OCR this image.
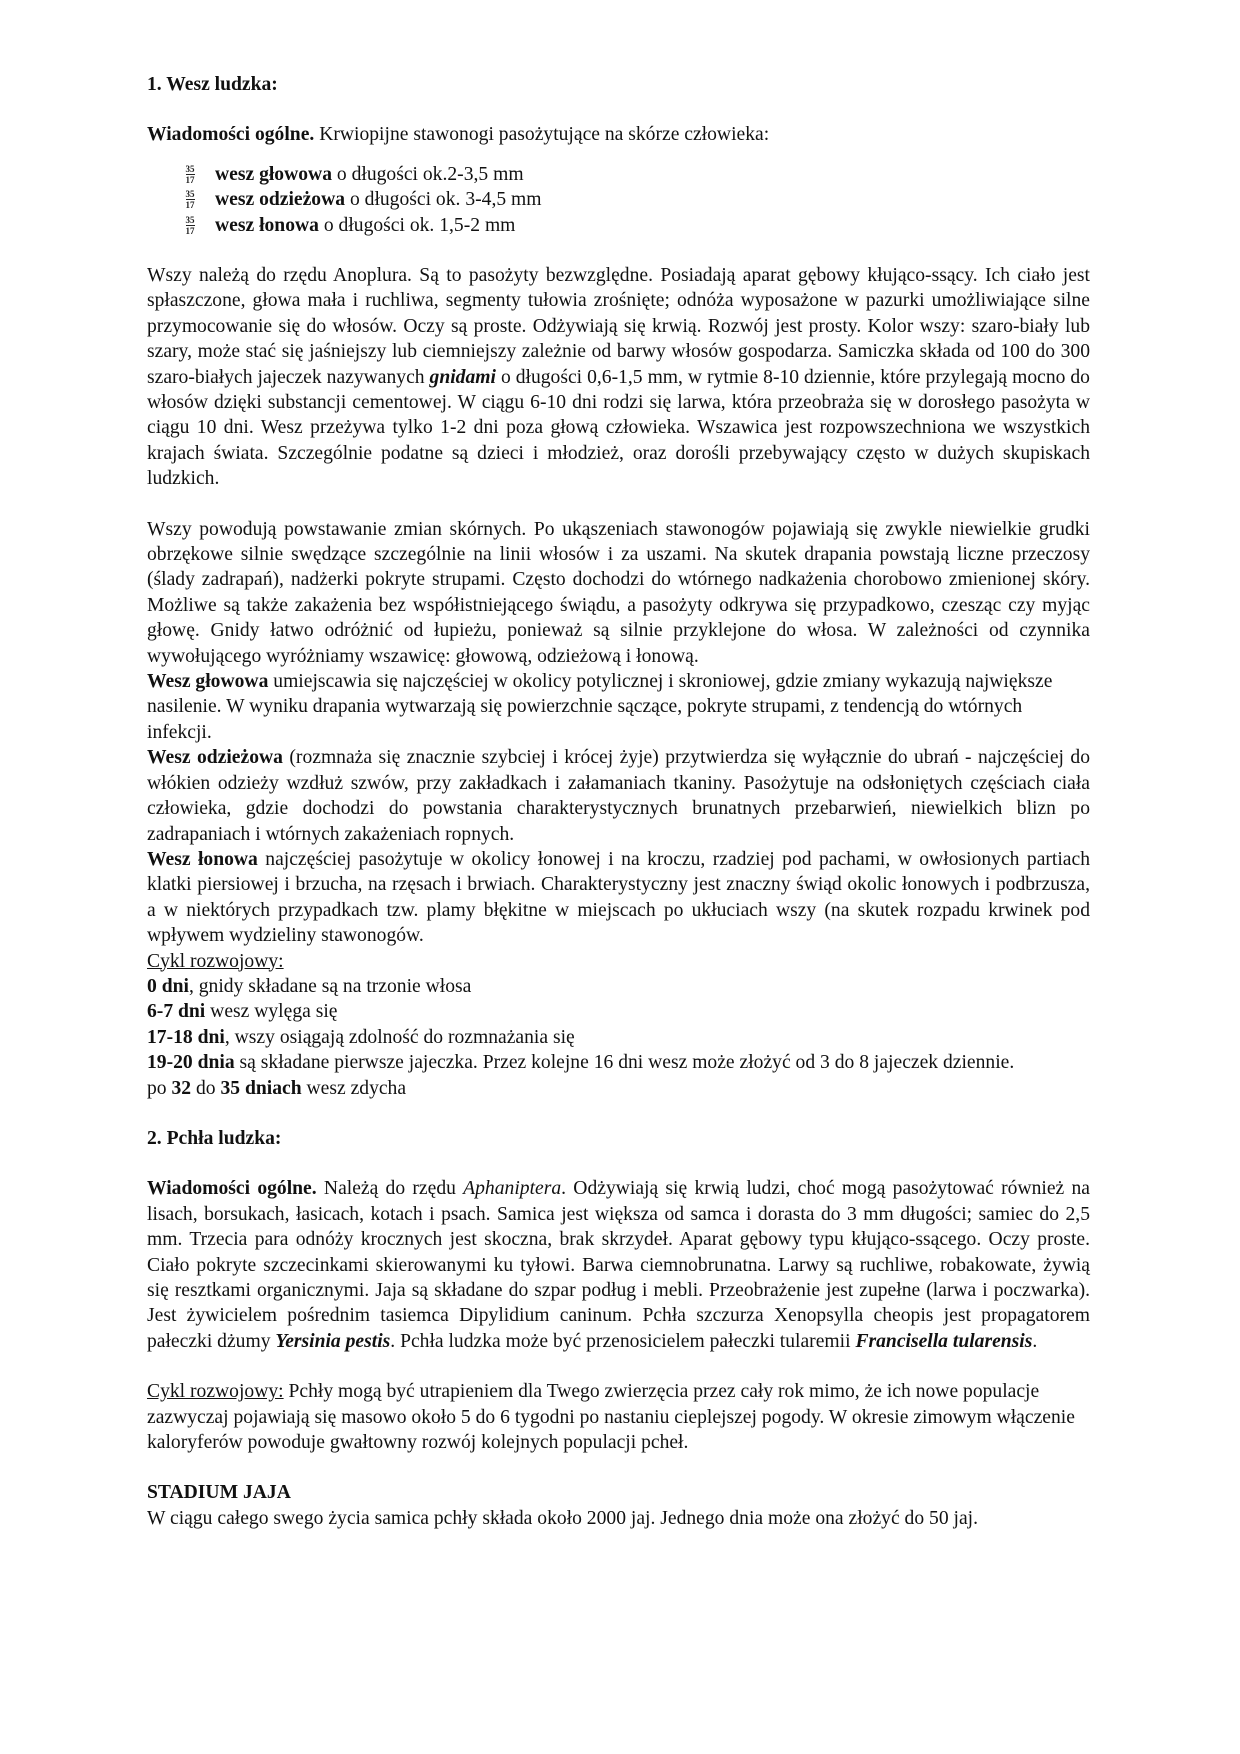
1. Wesz ludzka:

Wiadomości ogólne. Krwiopijne stawonogi pasożytujące na skórze człowieka:

35
17 wesz głowowa o długości ok.2-3,5 mm
35
17 wesz odzieżowa o długości ok. 3-4,5 mm
35
17 wesz łonowa o długości ok. 1,5-2 mm

Wszy należą do rzędu Anoplura. Są to pasożyty bezwzględne. Posiadają aparat gębowy kłująco-ssący. Ich ciało jest spłaszczone, głowa mała i ruchliwa, segmenty tułowia zrośnięte; odnóża wyposażone w pazurki umożliwiające silne przymocowanie się do włosów. Oczy są proste. Odżywiają się krwią. Rozwój jest prosty. Kolor wszy: szaro-biały lub szary, może stać się jaśniejszy lub ciemniejszy zależnie od barwy włosów gospodarza. Samiczka składa od 100 do 300 szaro-białych jajeczek nazywanych gnidami o długości 0,6-1,5 mm, w rytmie 8-10 dziennie, które przylegają mocno do włosów dzięki substancji cementowej. W ciągu 6-10 dni rodzi się larwa, która przeobraża się w dorosłego pasożyta w ciągu 10 dni. Wesz przeżywa tylko 1-2 dni poza głową człowieka. Wszawica jest rozpowszechniona we wszystkich krajach świata. Szczególnie podatne są dzieci i młodzież, oraz dorośli przebywający często w dużych skupiskach ludzkich.

Wszy powodują powstawanie zmian skórnych. Po ukąszeniach stawonogów pojawiają się zwykle niewielkie grudki obrzękowe silnie swędzące szczególnie na linii włosów i za uszami. Na skutek drapania powstają liczne przeczosy (ślady zadrapań), nadżerki pokryte strupami. Często dochodzi do wtórnego nadkażenia chorobowo zmienionej skóry. Możliwe są także zakażenia bez współistniejącego świądu, a pasożyty odkrywa się przypadkowo, czesząc czy myjąc głowę. Gnidy łatwo odróżnić od łupieżu, ponieważ są silnie przyklejone do włosa. W zależności od czynnika wywołującego wyróżniamy wszawicę: głowową, odzieżową i łonową.

Wesz głowowa umiejscawia się najczęściej w okolicy potylicznej i skroniowej, gdzie zmiany wykazują największe nasilenie. W wyniku drapania wytwarzają się powierzchnie sączące, pokryte strupami, z tendencją do wtórnych infekcji.

Wesz odzieżowa (rozmnaża się znacznie szybciej i krócej żyje) przytwierdza się wyłącznie do ubrań - najczęściej do włókien odzieży wzdłuż szwów, przy zakładkach i załamaniach tkaniny. Pasożytuje na odsłoniętych częściach ciała człowieka, gdzie dochodzi do powstania charakterystycznych brunatnych przebarwień, niewielkich blizn po zadrapaniach i wtórnych zakażeniach ropnych.

Wesz łonowa najczęściej pasożytuje w okolicy łonowej i na kroczu, rzadziej pod pachami, w owłosionych partiach klatki piersiowej i brzucha, na rzęsach i brwiach. Charakterystyczny jest znaczny świąd okolic łonowych i podbrzusza, a w niektórych przypadkach tzw. plamy błękitne w miejscach po ukłuciach wszy (na skutek rozpadu krwinek pod wpływem wydzieliny stawonogów.

Cykl rozwojowy:

0 dni, gnidy składane są na trzonie włosa

6-7 dni wesz wylęga się

17-18 dni, wszy osiągają zdolność do rozmnażania się

19-20 dnia są składane pierwsze jajeczka. Przez kolejne 16 dni wesz może złożyć od 3 do 8 jajeczek dziennie.

po 32 do 35 dniach wesz zdycha

2. Pchła ludzka:

Wiadomości ogólne. Należą do rzędu Aphaniptera. Odżywiają się krwią ludzi, choć mogą pasożytować również na lisach, borsukach, łasicach, kotach i psach. Samica jest większa od samca i dorasta do 3 mm długości; samiec do 2,5 mm. Trzecia para odnóży krocznych jest skoczna, brak skrzydeł. Aparat gębowy typu kłująco-ssącego. Oczy proste. Ciało pokryte szczecinkami skierowanymi ku tyłowi. Barwa ciemnobrunatna. Larwy są ruchliwe, robakowate, żywią się resztkami organicznymi. Jaja są składane do szpar podług i mebli. Przeobrażenie jest zupełne (larwa i poczwarka). Jest żywicielem pośrednim tasiemca Dipylidium caninum. Pchła szczurza Xenopsylla cheopis jest propagatorem pałeczki dżumy Yersinia pestis. Pchła ludzka może być przenosicielem pałeczki tularemii Francisella tularensis.

Cykl rozwojowy: Pchły mogą być utrapieniem dla Twego zwierzęcia przez cały rok mimo, że ich nowe populacje zazwyczaj pojawiają się masowo około 5 do 6 tygodni po nastaniu cieplejszej pogody. W okresie zimowym włączenie kaloryferów powoduje gwałtowny rozwój kolejnych populacji pcheł.

STADIUM JAJA

W ciągu całego swego życia samica pchły składa około 2000 jaj. Jednego dnia może ona złożyć do 50 jaj.
